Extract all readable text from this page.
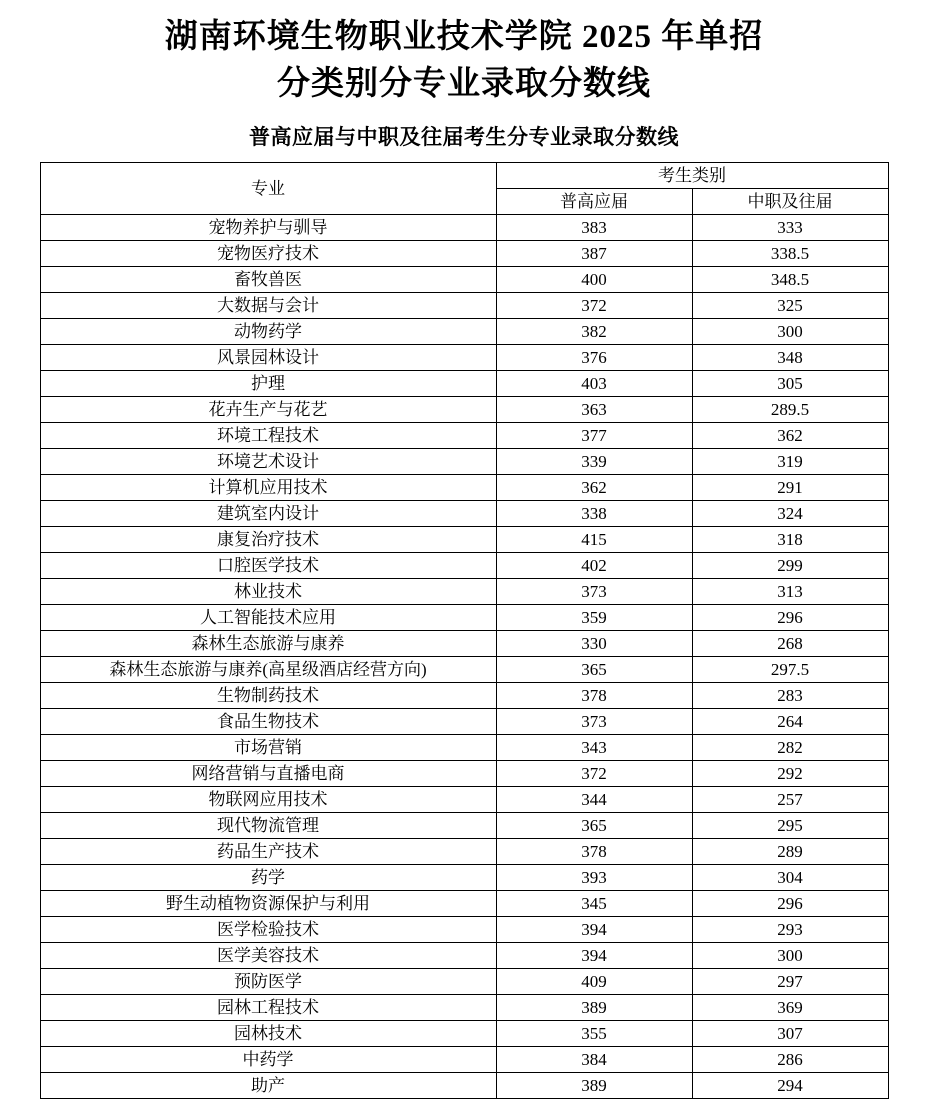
湖南环境生物职业技术学院 2025 年单招
分类别分专业录取分数线
普高应届与中职及往届考生分专业录取分数线
专业	考生类别	
	普高应届	中职及往届
宠物养护与驯导	383	333
宠物医疗技术	387	338.5
畜牧兽医	400	348.5
大数据与会计	372	325
动物药学	382	300
风景园林设计	376	348
护理	403	305
花卉生产与花艺	363	289.5
环境工程技术	377	362
环境艺术设计	339	319
计算机应用技术	362	291
建筑室内设计	338	324
康复治疗技术	415	318
口腔医学技术	402	299
林业技术	373	313
人工智能技术应用	359	296
森林生态旅游与康养	330	268
森林生态旅游与康养(高星级酒店经营方向)	365	297.5
生物制药技术	378	283
食品生物技术	373	264
市场营销	343	282
网络营销与直播电商	372	292
物联网应用技术	344	257
现代物流管理	365	295
药品生产技术	378	289
药学	393	304
野生动植物资源保护与利用	345	296
医学检验技术	394	293
医学美容技术	394	300
预防医学	409	297
园林工程技术	389	369
园林技术	355	307
中药学	384	286
助产	389	294
